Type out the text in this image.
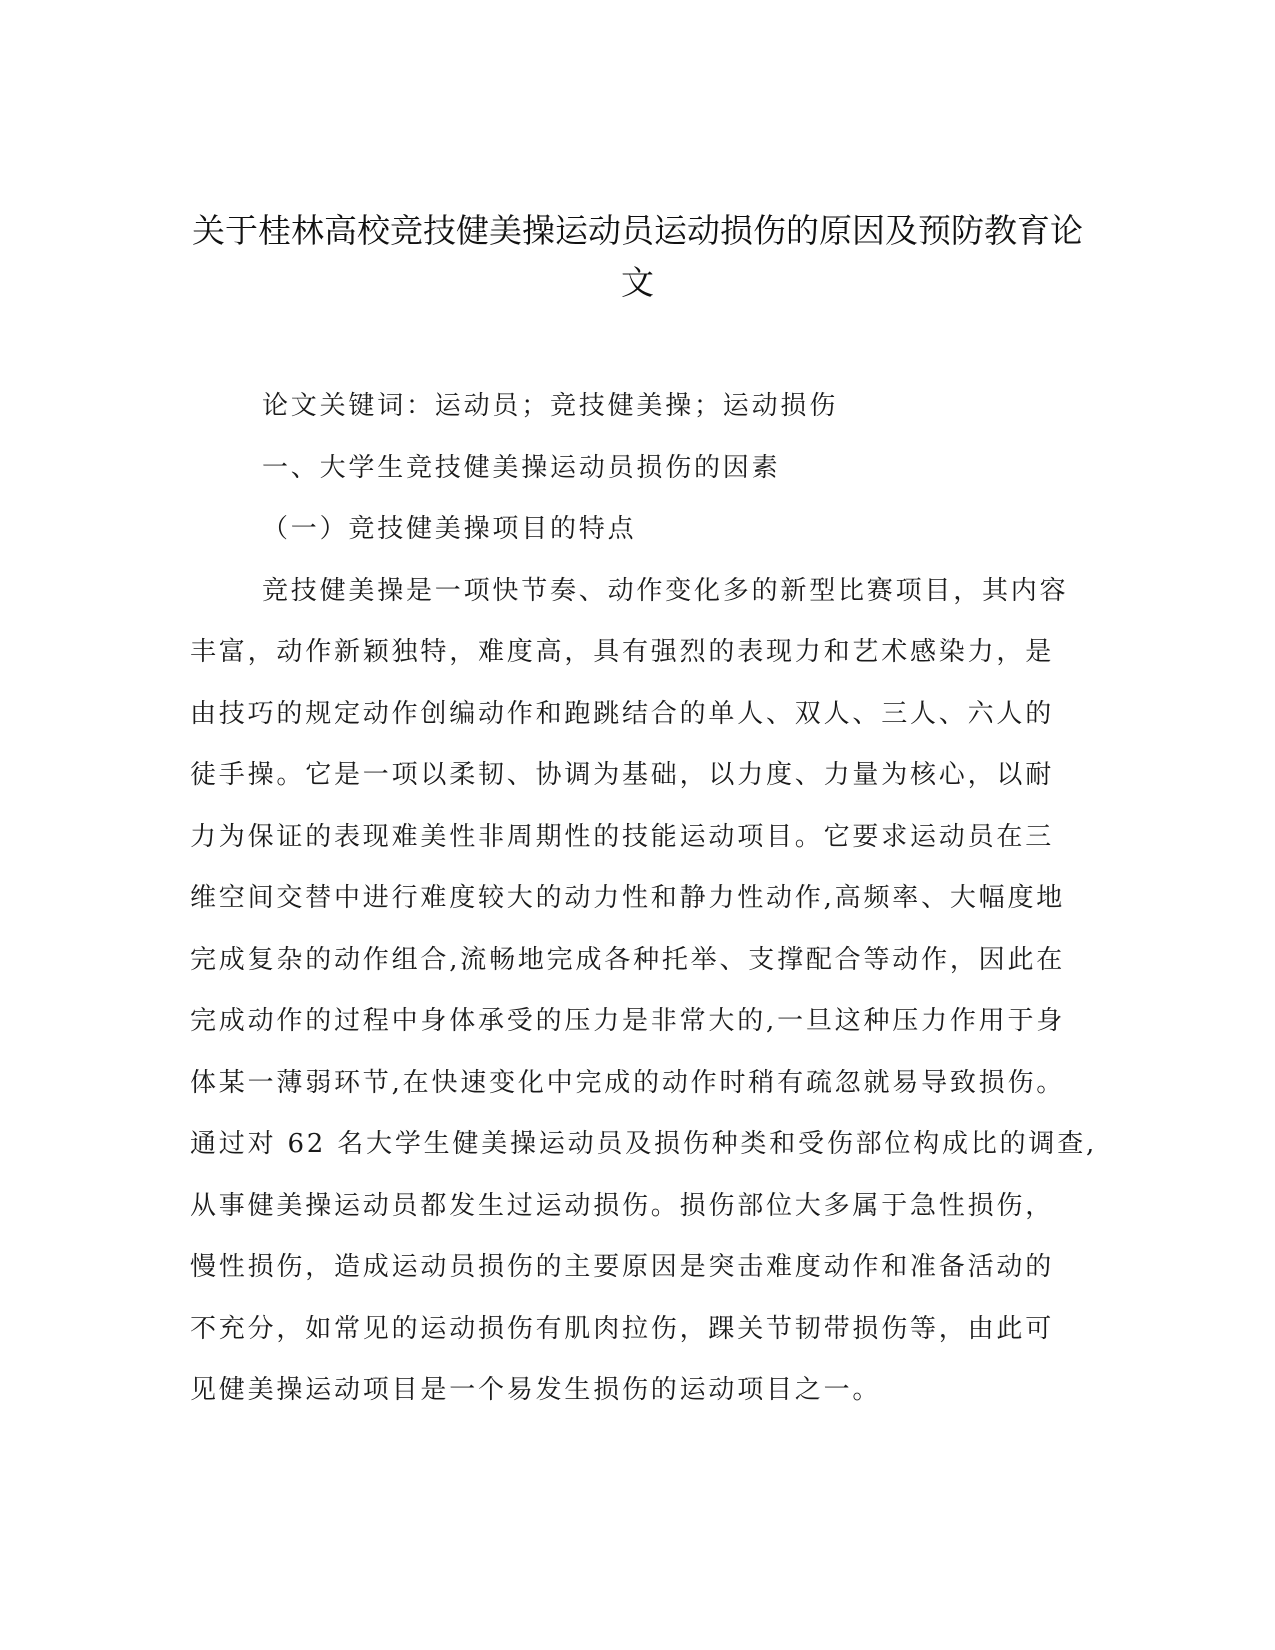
关于桂林高校竞技健美操运动员运动损伤的原因及预防教育论文
论文关键词：运动员；竞技健美操；运动损伤
一、大学生竞技健美操运动员损伤的因素
（一）竞技健美操项目的特点
竞技健美操是一项快节奏、动作变化多的新型比赛项目，其内容
丰富，动作新颖独特，难度高，具有强烈的表现力和艺术感染力，是
由技巧的规定动作创编动作和跑跳结合的单人、双人、三人、六人的
徒手操。它是一项以柔韧、协调为基础，以力度、力量为核心，以耐
力为保证的表现难美性非周期性的技能运动项目。它要求运动员在三
维空间交替中进行难度较大的动力性和静力性动作,高频率、大幅度地
完成复杂的动作组合,流畅地完成各种托举、支撑配合等动作，因此在
完成动作的过程中身体承受的压力是非常大的,一旦这种压力作用于身
体某一薄弱环节,在快速变化中完成的动作时稍有疏忽就易导致损伤。
通过对 62 名大学生健美操运动员及损伤种类和受伤部位构成比的调查,
从事健美操运动员都发生过运动损伤。损伤部位大多属于急性损伤，
慢性损伤，造成运动员损伤的主要原因是突击难度动作和准备活动的
不充分，如常见的运动损伤有肌肉拉伤，踝关节韧带损伤等，由此可
见健美操运动项目是一个易发生损伤的运动项目之一。
